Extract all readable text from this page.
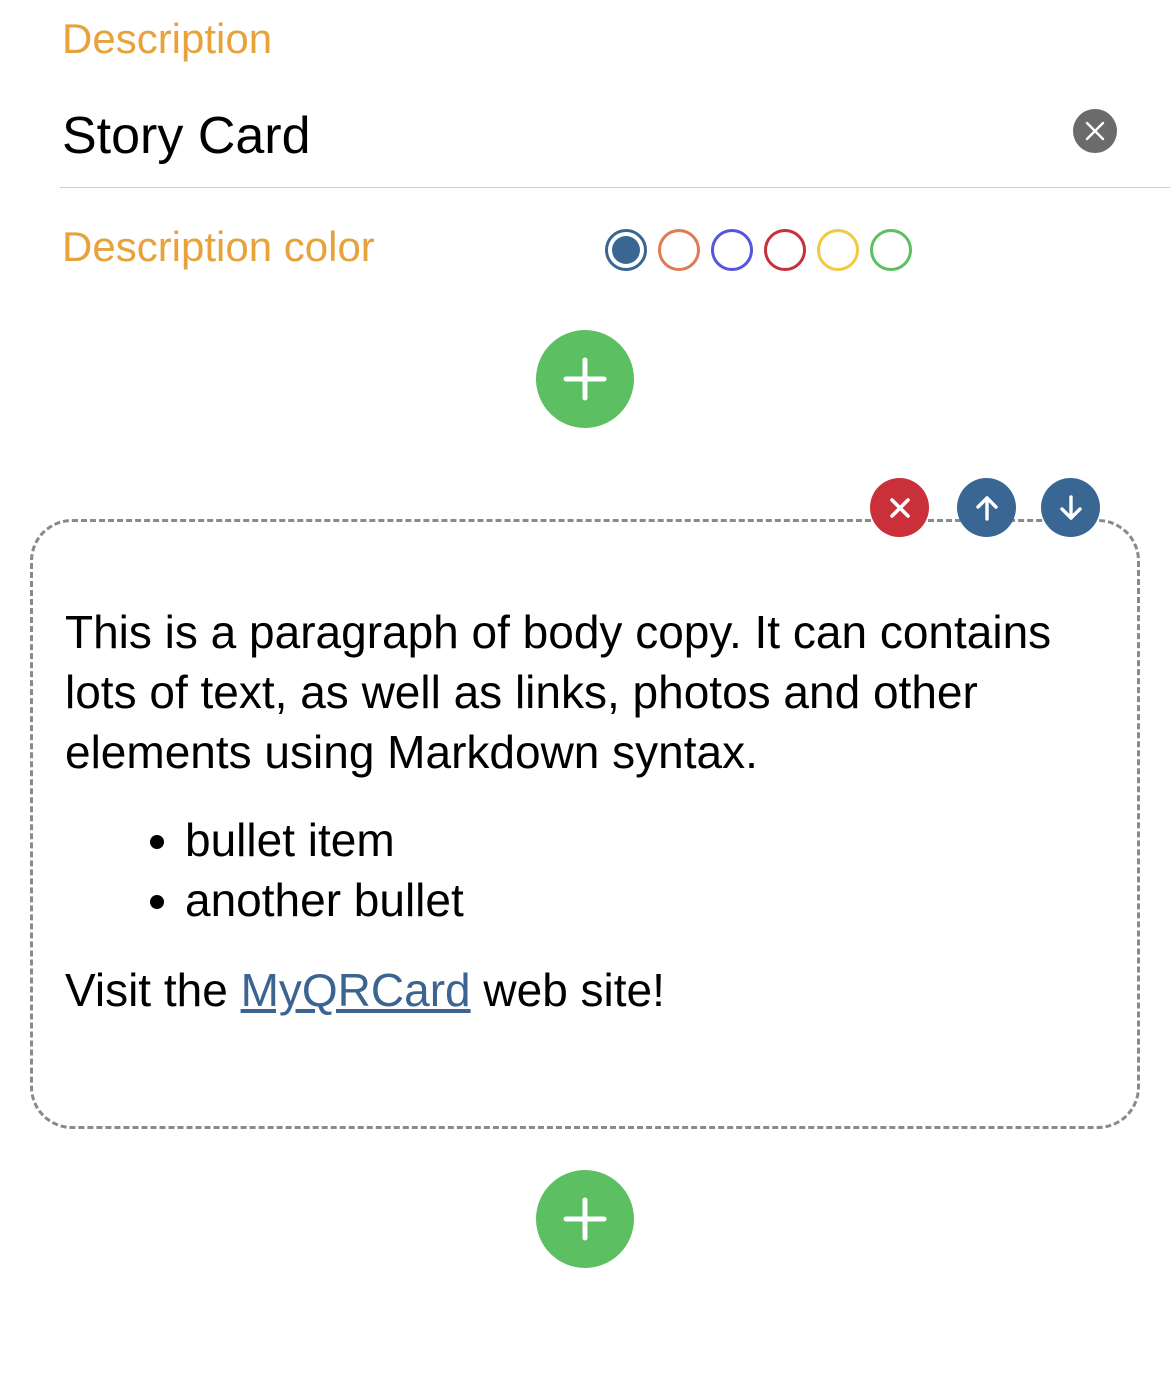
Description
Story Card
Description color

This is a paragraph of body copy. It can contains lots of text, as well as links, photos and other elements using Markdown syntax.

• bullet item
• another bullet

Visit the MyQRCard web site!
